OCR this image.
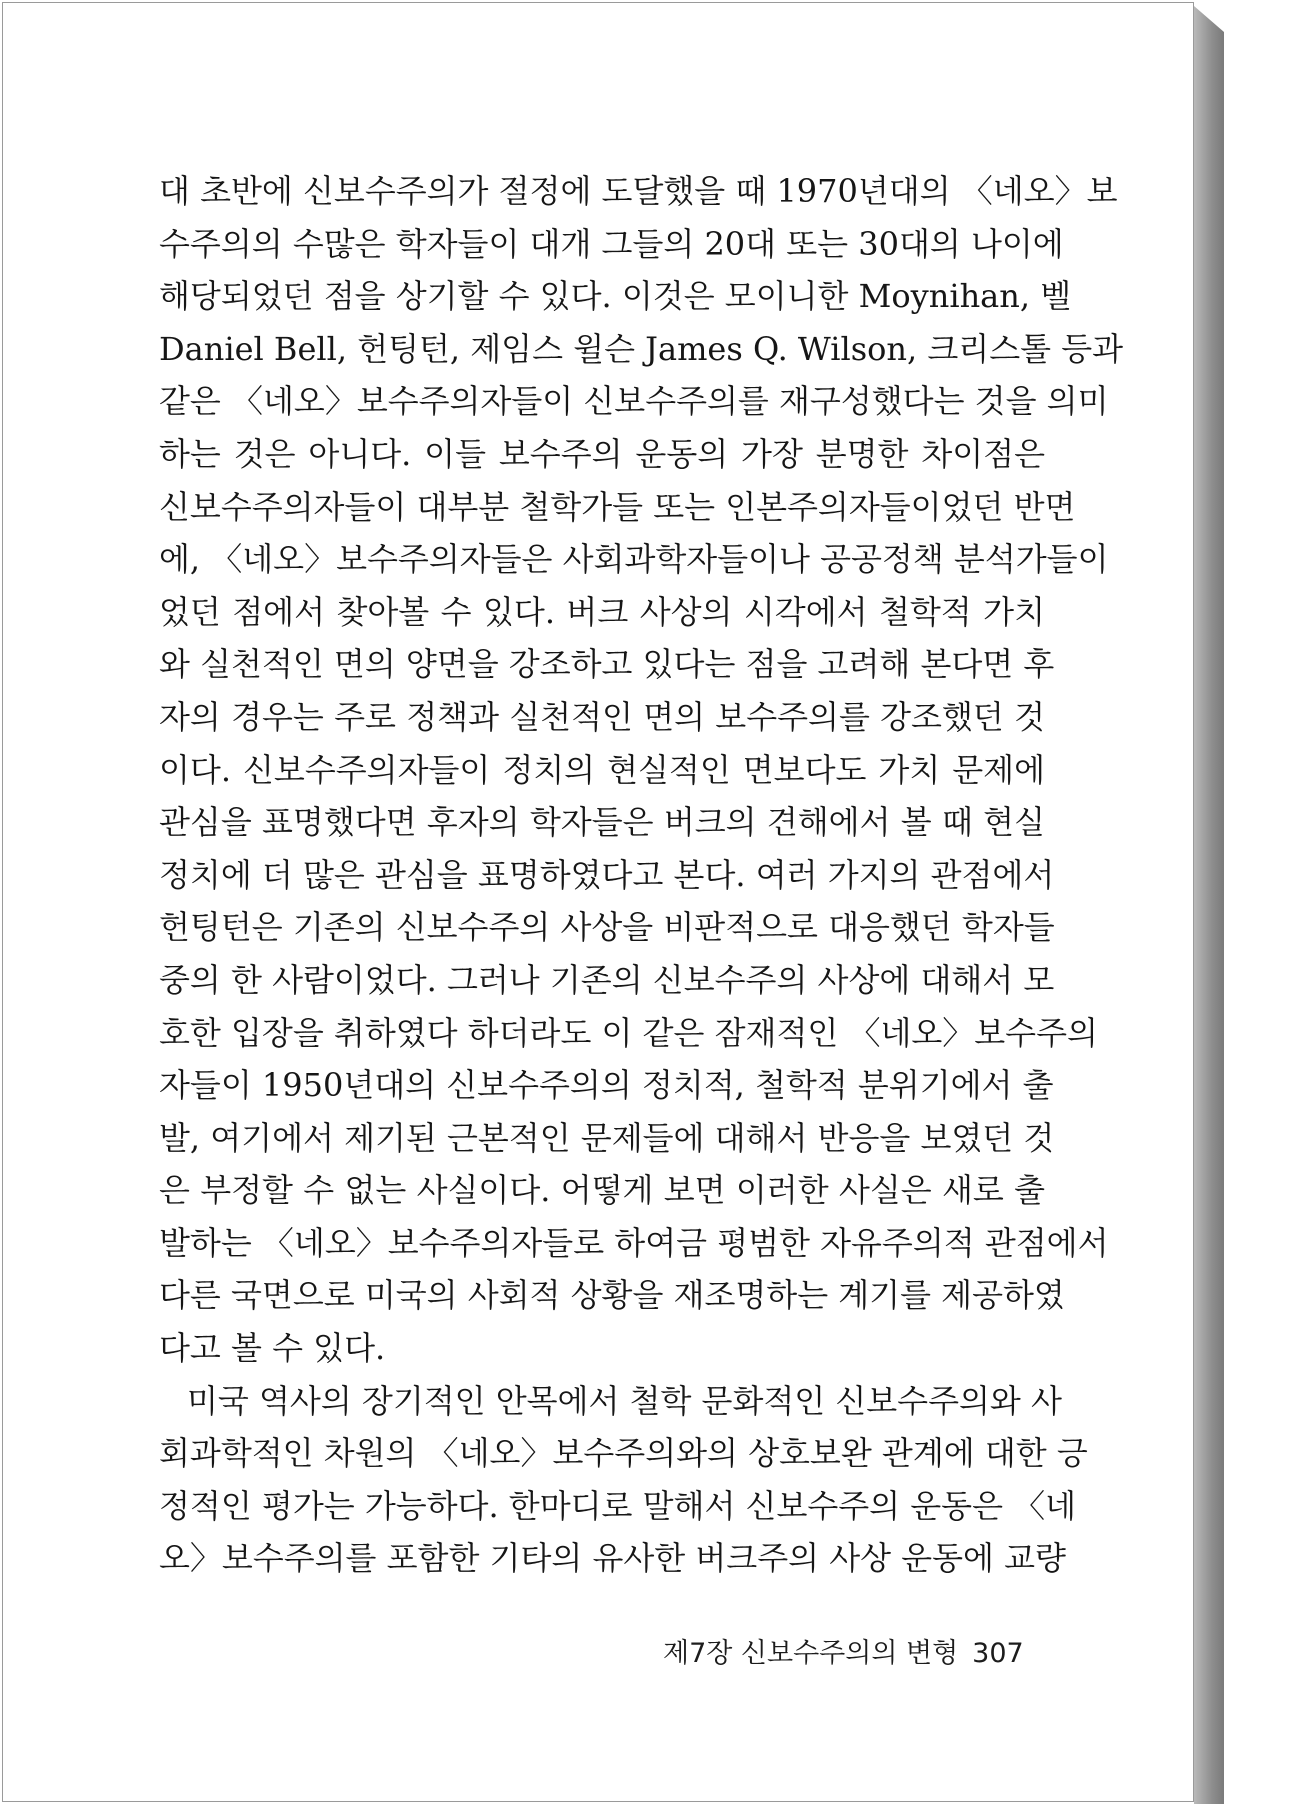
대 초반에 신보수주의가 절정에 도달했을 때 1970년대의 〈네오〉보
수주의의 수많은 학자들이 대개 그들의 20대 또는 30대의 나이에
해당되었던 점을 상기할 수 있다. 이것은 모이니한 Moynihan, 벨
Daniel Bell, 헌팅턴, 제임스 윌슨 James Q. Wilson, 크리스톨 등과
같은 〈네오〉보수주의자들이 신보수주의를 재구성했다는 것을 의미
하는 것은 아니다. 이들 보수주의 운동의 가장 분명한 차이점은
신보수주의자들이 대부분 철학가들 또는 인본주의자들이었던 반면
에, 〈네오〉보수주의자들은 사회과학자들이나 공공정책 분석가들이
었던 점에서 찾아볼 수 있다. 버크 사상의 시각에서 철학적 가치
와 실천적인 면의 양면을 강조하고 있다는 점을 고려해 본다면 후
자의 경우는 주로 정책과 실천적인 면의 보수주의를 강조했던 것
이다. 신보수주의자들이 정치의 현실적인 면보다도 가치 문제에
관심을 표명했다면 후자의 학자들은 버크의 견해에서 볼 때 현실
정치에 더 많은 관심을 표명하였다고 본다. 여러 가지의 관점에서
헌팅턴은 기존의 신보수주의 사상을 비판적으로 대응했던 학자들
중의 한 사람이었다. 그러나 기존의 신보수주의 사상에 대해서 모
호한 입장을 취하였다 하더라도 이 같은 잠재적인 〈네오〉보수주의
자들이 1950년대의 신보수주의의 정치적, 철학적 분위기에서 출
발, 여기에서 제기된 근본적인 문제들에 대해서 반응을 보였던 것
은 부정할 수 없는 사실이다. 어떻게 보면 이러한 사실은 새로 출
발하는 〈네오〉보수주의자들로 하여금 평범한 자유주의적 관점에서
다른 국면으로 미국의 사회적 상황을 재조명하는 계기를 제공하였
다고 볼 수 있다.
미국 역사의 장기적인 안목에서 철학 문화적인 신보수주의와 사
회과학적인 차원의 〈네오〉보수주의와의 상호보완 관계에 대한 긍
정적인 평가는 가능하다. 한마디로 말해서 신보수주의 운동은 〈네
오〉보수주의를 포함한 기타의 유사한 버크주의 사상 운동에 교량
제7장 신보수주의의 변형 307
